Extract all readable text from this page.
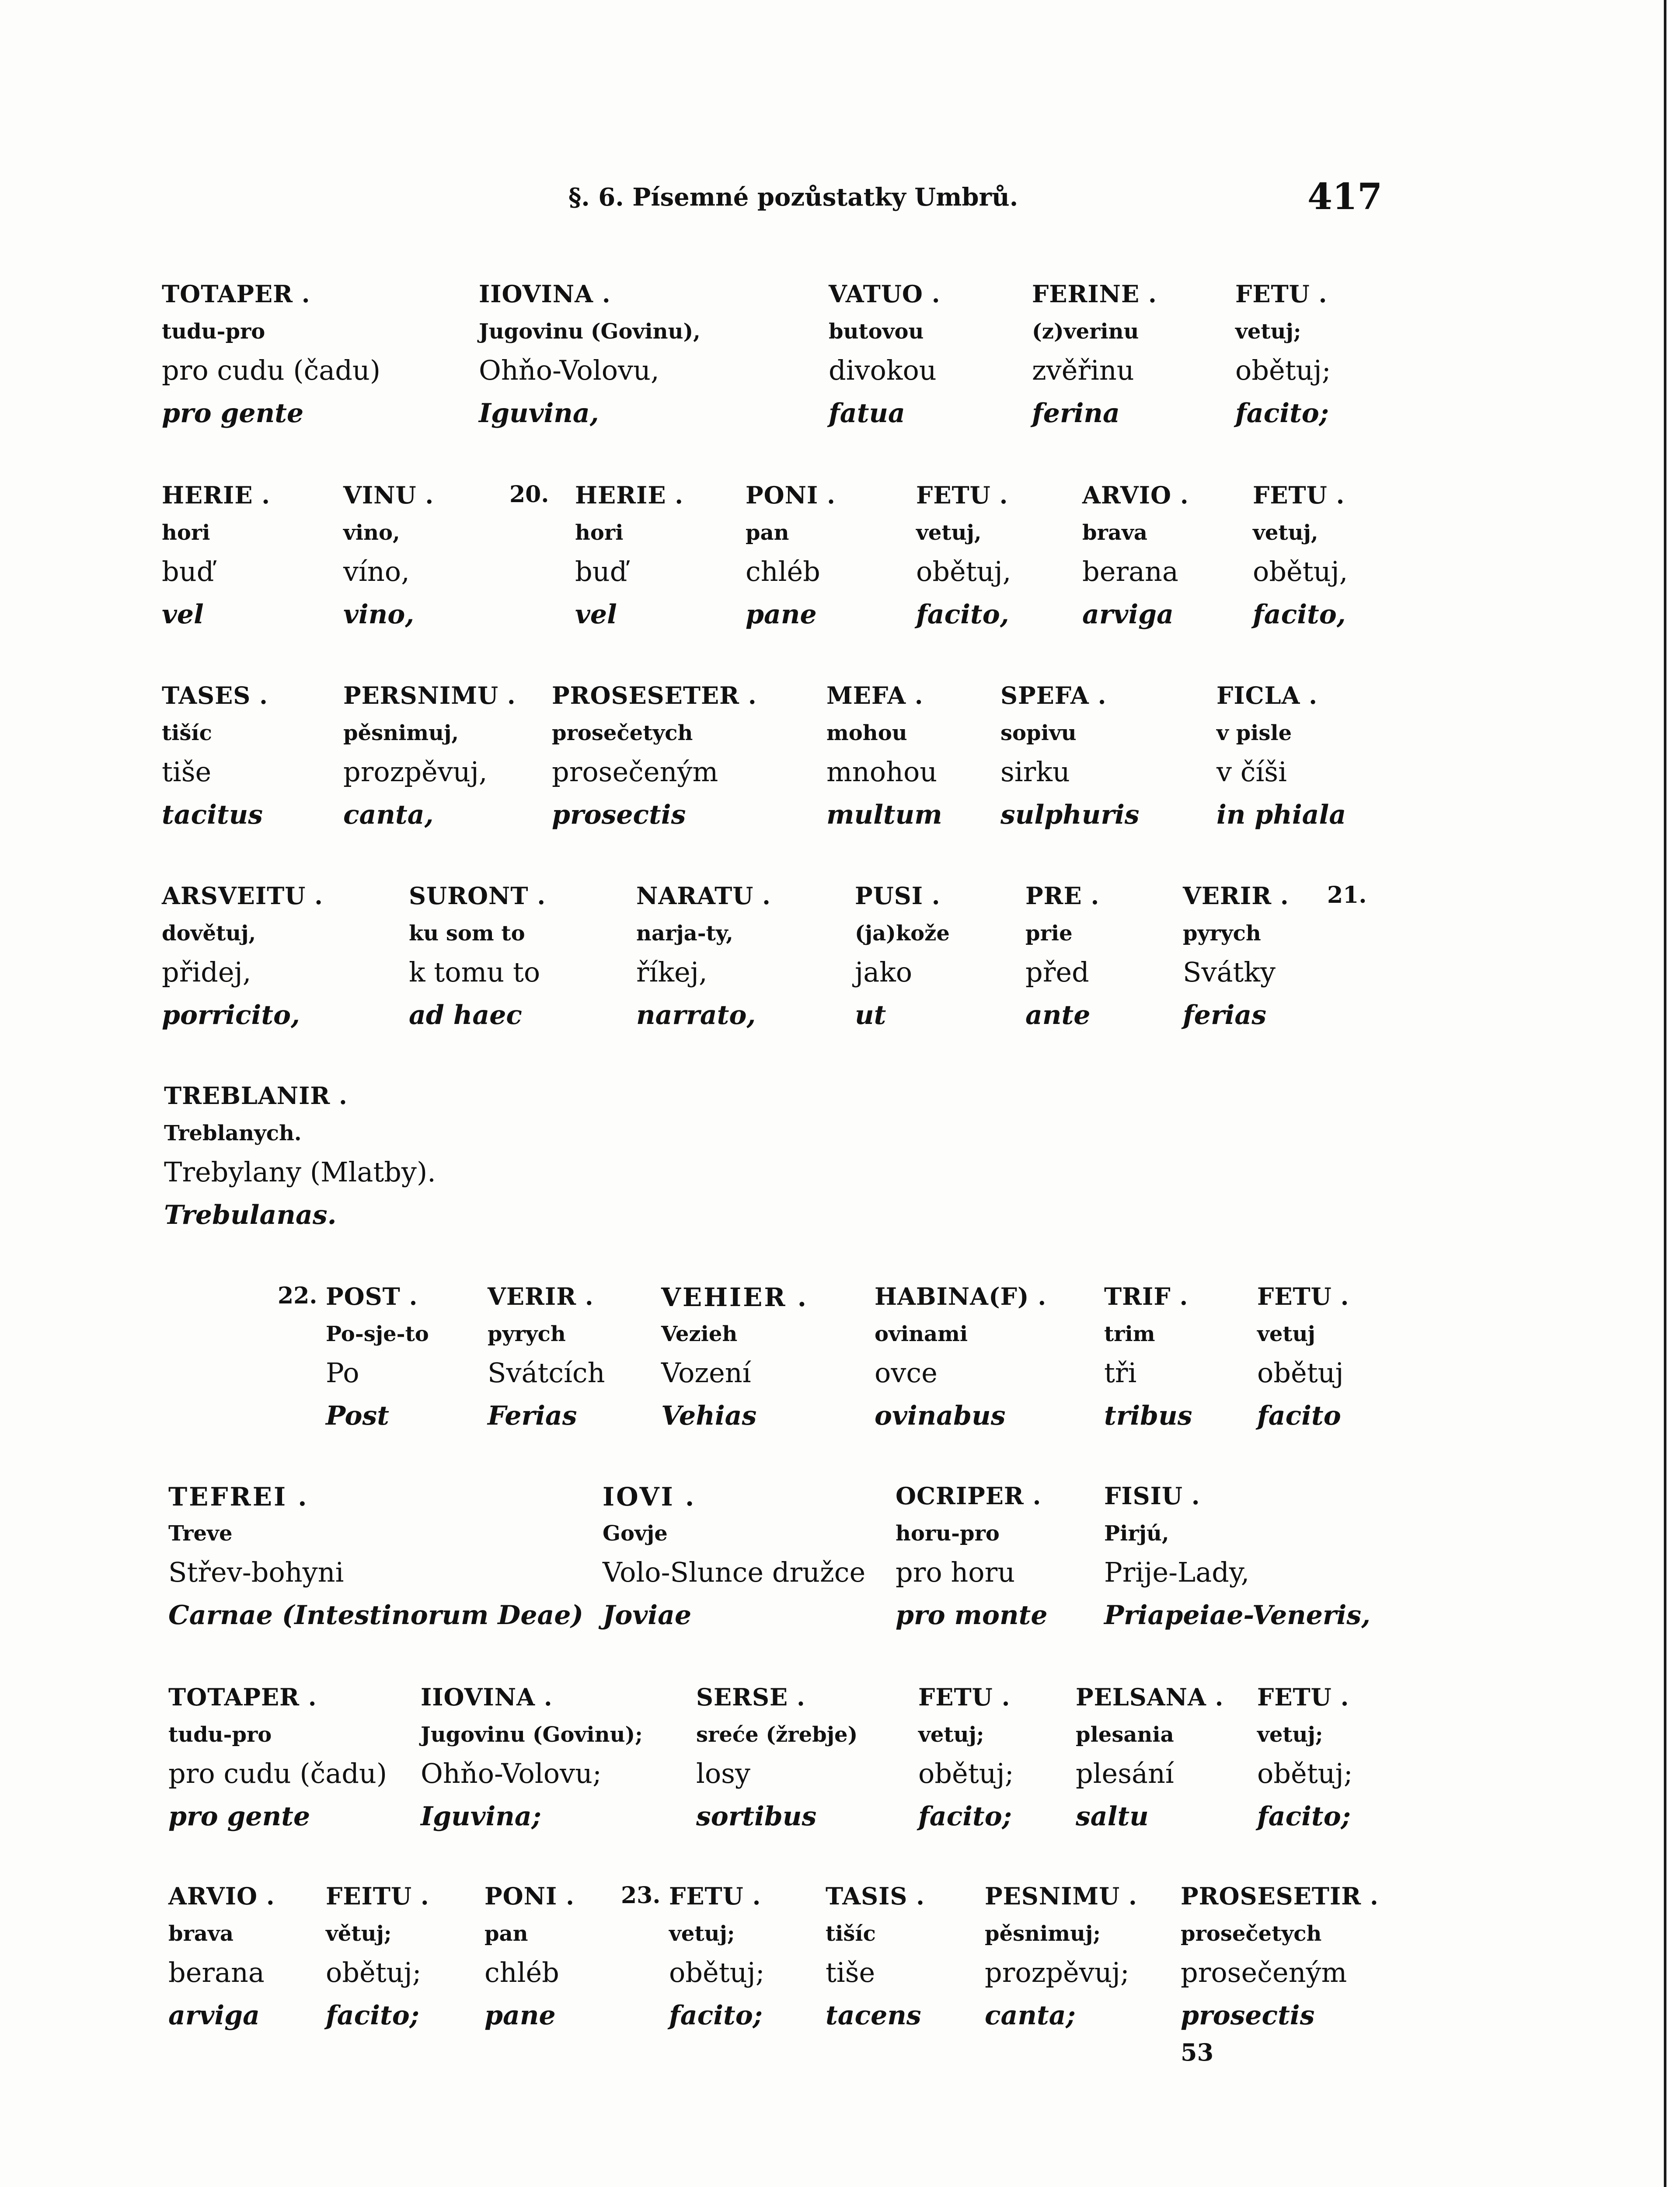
§. 6. Písemné pozůstatky Umbrů.	417
TOTAPER .
tudu-pro
pro cudu (čadu)
pro gente
IIOVINA .
Jugovinu (Govinu),
Ohňo-Volovu,
Iguvina,
VATUO .
butovou
divokou
fatua
FERINE .
(z)verinu
zvěřinu
ferina
FETU .
vetuj;
obětuj;
facito;
HERIE .
hori
buď
vel
VINU .
vino,
víno,
vino,
20. HERIE .
hori
buď
vel
PONI .
pan
chléb
pane
FETU .
vetuj,
obětuj,
facito,
ARVIO .
brava
berana
arviga
FETU .
vetuj,
obětuj,
facito,
TASES .
tišíc
tiše
tacitus
PERSNIMU .
pěsnimuj,
prozpěvuj,
canta,
PROSESETER .
prosečetych
prosečeným
prosectis
MEFA .
mohou
mnohou
multum
SPEFA .
sopivu
sirku
sulphuris
FICLA .
v pisle
v číši
in phiala
ARSVEITU .
dovětuj,
přidej,
porricito,
SURONT .
ku som to
k tomu to
ad haec
NARATU .
narja-ty,
říkej,
narrato,
PUSI .
(ja)kože
jako
ut
PRE .
prie
před
ante
VERIR .
pyrych
Svátky
ferias
21.
TREBLANIR .
Treblanych.
Trebylany (Mlatby).
Trebulanas.
22. POST .
Po-sje-to
Po
Post
VERIR .
pyrych
Svátcích
Ferias
VEHIER .
Vezieh
Vození
Vehias
HABINA(F) .
ovinami
ovce
ovinabus
TRIF .
trim
tři
tribus
FETU .
vetuj
obětuj
facito
TEFREI .
Treve
Střev-bohyni
Carnae (Intestinorum Deae)
IOVI .
Govje
Volo-Slunce družce
Joviae
OCRIPER .
horu-pro
pro horu
pro monte
FISIU .
Pirjú,
Prije-Lady,
Priapeiae-Veneris,
TOTAPER .
tudu-pro
pro cudu (čadu)
pro gente
IIOVINA .
Jugovinu (Govinu);
Ohňo-Volovu;
Iguvina;
SERSE .
sreće (žrebje)
losy
sortibus
FETU .
vetuj;
obětuj;
facito;
PELSANA .
plesania
plesání
saltu
FETU .
vetuj;
obětuj;
facito;
ARVIO .
brava
berana
arviga
FEITU .
větuj;
obětuj;
facito;
PONI .
pan
chléb
pane
23. FETU .
vetuj;
obětuj;
facito;
TASIS .
tišíc
tiše
tacens
PESNIMU .
pěsnimuj;
prozpěvuj;
canta;
PROSESETIR .
prosečetych
prosečeným
prosectis
53
